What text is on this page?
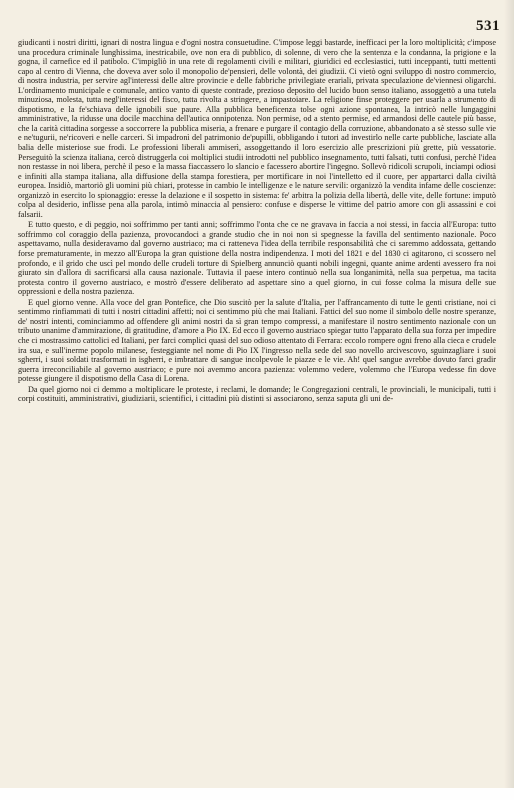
531

giudicanti i nostri diritti, ignari di nostra lingua e d'ogni nostra consuetudine. C'impose leggi bastarde, inefficaci per la loro moltiplicità; c'impose una procedura criminale lunghissima, inestricabile, ove non era di pubblico, di solenne, di vero che la sentenza e la condanna, la prigione e la gogna, il carnefice ed il patibolo. C'impigliò in una rete di regolamenti civili e militari, giuridici ed ecclesiastici, tutti inceppanti, tutti mettenti capo al centro di Vienna, che doveva aver solo il monopolio de'pensieri, delle volontà, dei giudizii. Ci vietò ogni sviluppo di nostro commercio, di nostra industria, per servire agl'interessi delle altre provincie e delle fabbriche privilegiate erariali, privata speculazione de'viennesi oligarchi. L'ordinamento municipale e comunale, antico vanto di queste contrade, prezioso deposito del lucido buon senso italiano, assoggettò a una tutela minuziosa, molesta, tutta negl'interessi del fisco, tutta rivolta a stringere, a impastoiare. La religione finse proteggere per usarla a strumento di dispotismo, e la fe'schiava delle ignobili sue paure. Alla pubblica beneficenza tolse ogni azione spontanea, la intricò nelle lungaggini amministrative, la ridusse una docile macchina dell'autica onnipotenza. Non permise, od a stento permise, ed armandosi delle cautele più basse, che la carità cittadina sorgesse a soccorrere la pubblica miseria, a frenare e purgare il contagio della corruzione, abbandonato a sè stesso sulle vie e ne'tugurii, ne'ricoveri e nelle carceri. Si impadronì del patrimonio de'pupilli, obbligando i tutori ad investirlo nelle carte pubbliche, lasciate alla balia delle misteriose sue frodi. Le professioni liberali ammiserì, assoggettando il loro esercizio alle prescrizioni più grette, più vessatorie. Perseguitò la scienza italiana, cercò distruggerla coi moltiplici studii introdotti nel pubblico insegnamento, tutti falsati, tutti confusi, perchè l'idea non restasse in noi libera, perchè il peso e la massa fiaccassero lo slancio e facessero abortire l'ingegno. Sollevò ridicoli scrupoli, inciampi odiosi e infiniti alla stampa italiana, alla diffusione della stampa forestiera, per mortificare in noi l'intelletto ed il cuore, per appartarci dalla civiltà europea. Insidiò, martoriò gli uomini più chiari, protesse in cambio le intelligenze e le nature servili: organizzò la vendita infame delle coscienze: organizzò in esercito lo spionaggio: eresse la delazione e il sospetto in sistema: fe' arbitra la polizia della libertà, delle vite, delle fortune: imputò colpa al desiderio, inflisse pena alla parola, intimò minaccia al pensiero: confuse e disperse le vittime del patrio amore con gli assassini e coi falsarii.

E tutto questo, e di peggio, noi soffrimmo per tanti anni; soffrimmo l'onta che ce ne gravava in faccia a noi stessi, in faccia all'Europa: tutto soffrimmo col coraggio della pazienza, provocandoci a grande studio che in noi non si spegnesse la favilla del sentimento nazionale. Poco aspettavamo, nulla desideravamo dal governo austriaco; ma ci ratteneva l'idea della terribile responsabilità che ci saremmo addossata, gettando forse prematuramente, in mezzo all'Europa la gran quistione della nostra indipendenza. I moti del 1821 e del 1830 ci agitarono, ci scossero nel profondo, e il grido che uscì pel mondo delle crudeli torture di Spielberg annunciò quanti nobili ingegni, quante anime ardenti avessero fra noi giurato sin d'allora di sacrificarsi alla causa nazionale. Tuttavia il paese intero continuò nella sua longanimità, nella sua perpetua, ma tacita protesta contro il governo austriaco, e mostrò d'essere deliberato ad aspettare sino a quel giorno, in cui fosse colma la misura delle sue oppressioni e della nostra pazienza.

E quel giorno venne. Alla voce del gran Pontefice, che Dio suscitò per la salute d'Italia, per l'affrancamento di tutte le genti cristiane, noi ci sentimmo rinfiammati di tutti i nostri cittadini affetti; noi ci sentimmo più che mai Italiani. Fattici del suo nome il simbolo delle nostre speranze, de' nostri intenti, cominciammo ad offendere gli animi nostri da sì gran tempo compressi, a manifestare il nostro sentimento nazionale con un tributo unanime d'ammirazione, di gratitudine, d'amore a Pio IX. Ed ecco il governo austriaco spiegar tutto l'apparato della sua forza per impedire che ci mostrassimo cattolici ed Italiani, per farci complici quasi del suo odioso attentato di Ferrara: eccolo rompere ogni freno alla cieca e crudele ira sua, e sull'inerme popolo milanese, festeggiante nel nome di Pio IX l'ingresso nella sede del suo novello arcivescovo, sguinzagliare i suoi sgherri, i suoi soldati trasformati in isgherri, e imbrattare di sangue incolpevole le piazze e le vie. Ah! quel sangue avrebbe dovuto farci gradir guerra irreconciliabile al governo austriaco; e pure noi avemmo ancora pazienza: volemmo vedere, volemmo che l'Europa vedesse fin dove potesse giungere il dispotismo della Casa di Lorena.

Da quel giorno noi ci demmo a moltiplicare le proteste, i reclami, le domande; le Congregazioni centrali, le provinciali, le municipali, tutti i corpi costituiti, amministrativi, giudiziarii, scientifici, i cittadini più distinti si associarono, senza saputa gli uni de-
